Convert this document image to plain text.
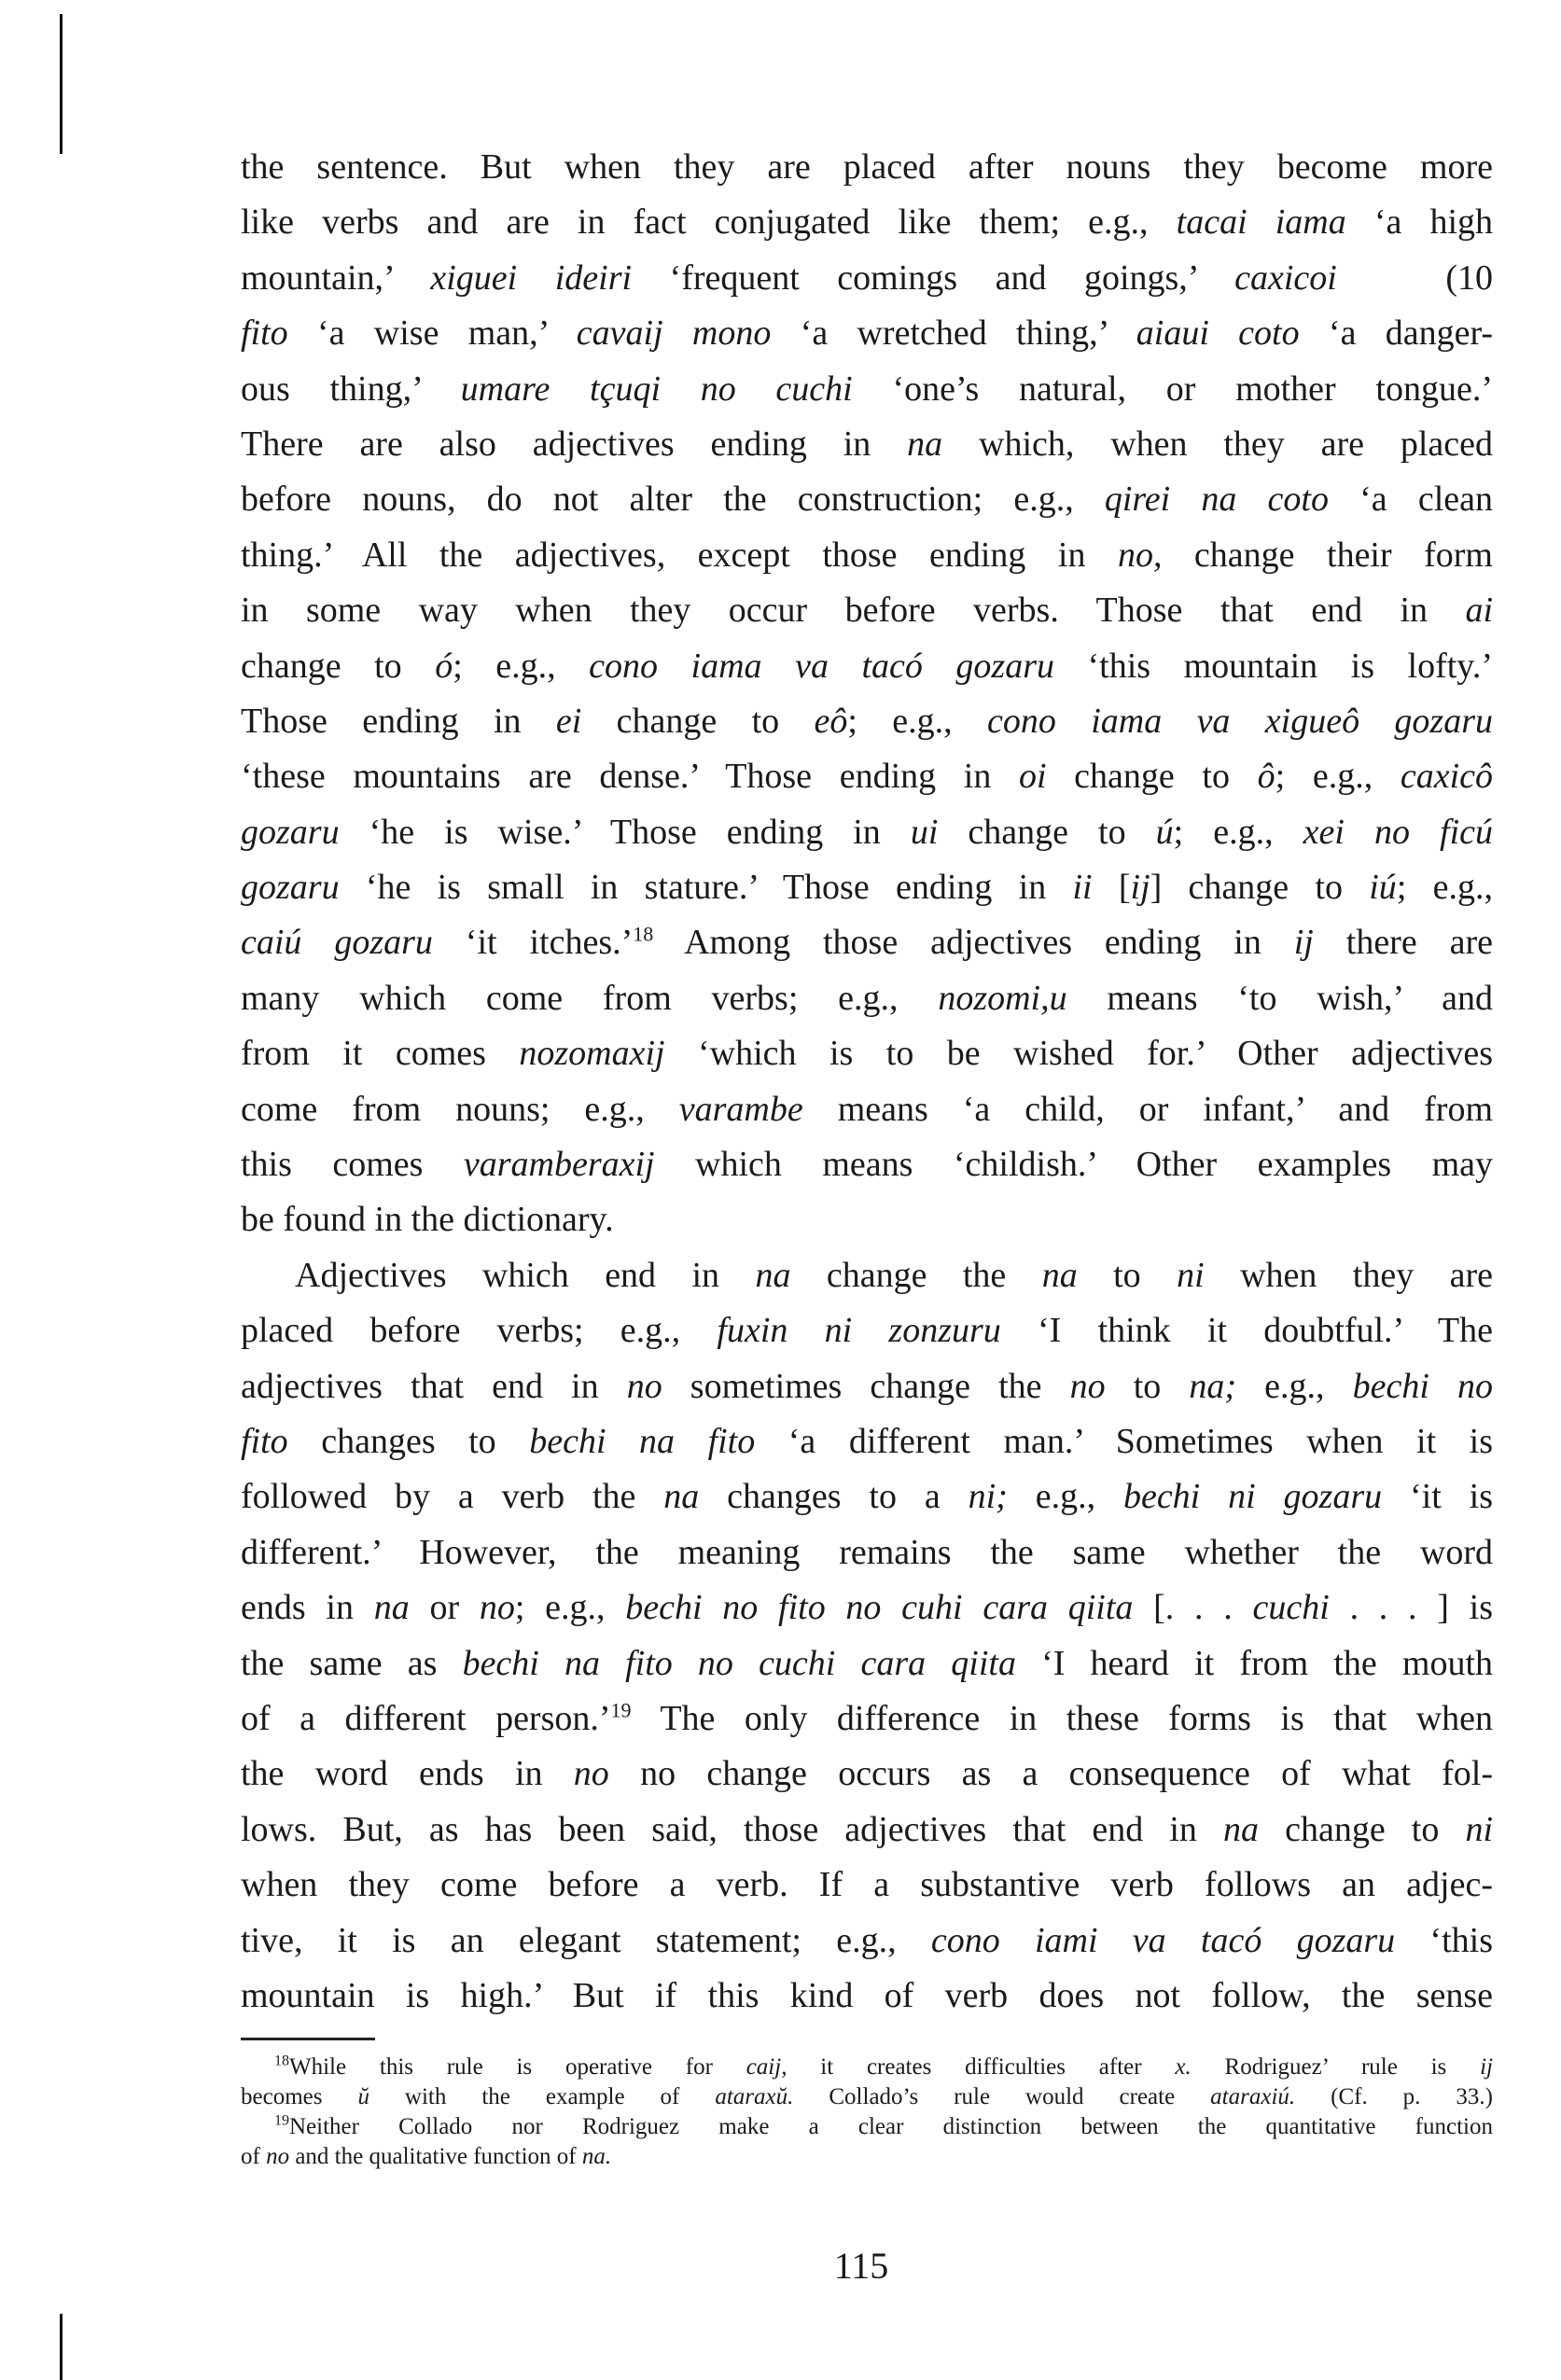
the sentence. But when they are placed after nouns they become more
like verbs and are in fact conjugated like them; e.g., tacai iama ‘a high
mountain,’ xiguei ideiri ‘frequent comings and goings,’ caxicoi   (10
fito ‘a wise man,’ cavaij mono ‘a wretched thing,’ aiaui coto ‘a danger-
ous thing,’ umare tçuqi no cuchi ‘one’s natural, or mother tongue.’
There are also adjectives ending in na which, when they are placed
before nouns, do not alter the construction; e.g., qirei na coto ‘a clean
thing.’ All the adjectives, except those ending in no, change their form
in some way when they occur before verbs. Those that end in ai
change to ó; e.g., cono iama va tacó gozaru ‘this mountain is lofty.’
Those ending in ei change to eô; e.g., cono iama va xigueô gozaru
‘these mountains are dense.’ Those ending in oi change to ô; e.g., caxicô
gozaru ‘he is wise.’ Those ending in ui change to ú; e.g., xei no ficú
gozaru ‘he is small in stature.’ Those ending in ii [ij] change to iú; e.g.,
caiú gozaru ‘it itches.’$^{18}$ Among those adjectives ending in ij there are
many which come from verbs; e.g., nozomi,u means ‘to wish,’ and
from it comes nozomaxij ‘which is to be wished for.’ Other adjectives
come from nouns; e.g., varambe means ‘a child, or infant,’ and from
this comes varamberaxij which means ‘childish.’ Other examples may
be found in the dictionary.
Adjectives which end in na change the na to ni when they are
placed before verbs; e.g., fuxin ni zonzuru ‘I think it doubtful.’ The
adjectives that end in no sometimes change the no to na; e.g., bechi no
fito changes to bechi na fito ‘a different man.’ Sometimes when it is
followed by a verb the na changes to a ni; e.g., bechi ni gozaru ‘it is
different.’ However, the meaning remains the same whether the word
ends in na or no; e.g., bechi no fito no cuhi cara qiita [. . . cuchi . . . ] is
the same as bechi na fito no cuchi cara qiita ‘I heard it from the mouth
of a different person.’$^{19}$ The only difference in these forms is that when
the word ends in no no change occurs as a consequence of what fol-
lows. But, as has been said, those adjectives that end in na change to ni
when they come before a verb. If a substantive verb follows an adjec-
tive, it is an elegant statement; e.g., cono iami va tacó gozaru ‘this
mountain is high.’ But if this kind of verb does not follow, the sense
$^{18}$While this rule is operative for caij, it creates difficulties after x. Rodriguez’ rule is ij
becomes ŭ with the example of ataraxŭ. Collado’s rule would create ataraxiú. (Cf. p. 33.)
$^{19}$Neither Collado nor Rodriguez make a clear distinction between the quantitative function
of no and the qualitative function of na.
115
